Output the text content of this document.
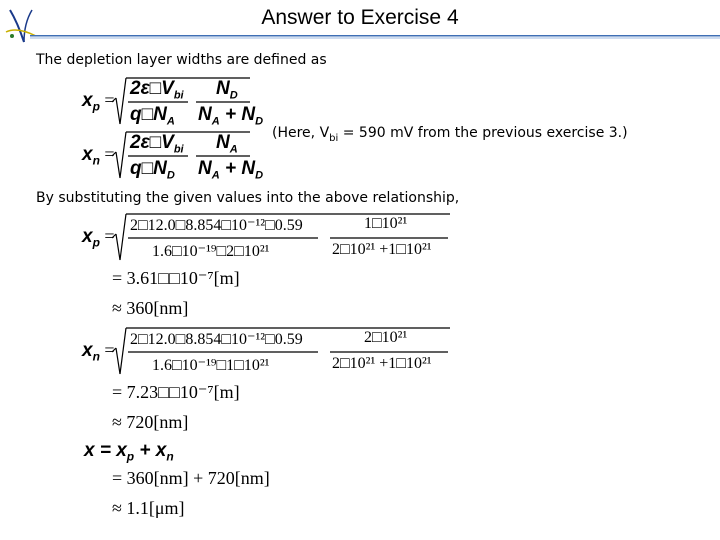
Answer to Exercise 4
The depletion layer widths are defined as
$x_p$ =
$2\varepsilon□V_{bi}$
$q□N_A$
$N_D$
$N_A + N_D$
(Here, $V_{bi} = 590$ mV from the previous exercise 3.)
$x_n$ =
$2\varepsilon□V_{bi}$
$q□N_D$
$N_A$
$N_A + N_D$
By substituting the given values into the above relationship,
$x_p$ =
2□12.0□8.854□10⁻¹²□0.59
1.6□10⁻¹⁹□2□10²¹
1□10²¹
2□10²¹ +1□10²¹
= 3.61□□10⁻⁷[m]
≈ 360[nm]
$x_n$ =
2□12.0□8.854□10⁻¹²□0.59
1.6□10⁻¹⁹□1□10²¹
2□10²¹
2□10²¹ +1□10²¹
= 7.23□□10⁻⁷[m]
≈ 720[nm]
$x = x_p + x_n$
= 360[nm] + 720[nm]
≈ 1.1[μm]
